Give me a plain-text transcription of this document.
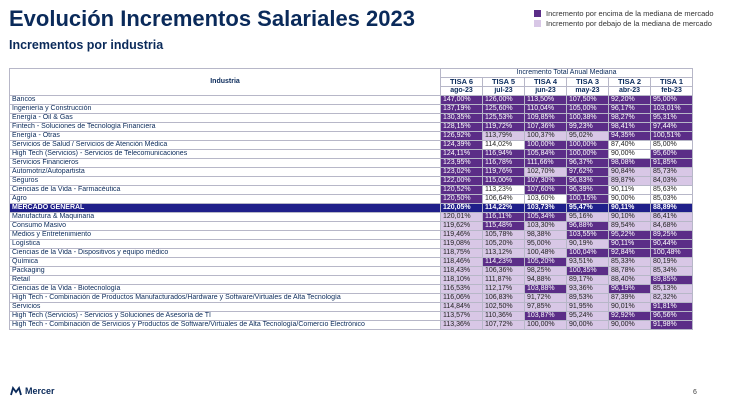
Evolución Incrementos Salariales 2023
Incrementos por industria
Incremento por encima de la mediana de mercado
Incremento por debajo de la mediana de mercado
Industria	Incremento Total Anual Mediana					
	TISA 6	TISA 5	TISA 4	TISA 3	TISA 2	TISA 1
	ago-23	jul-23	jun-23	may-23	abr-23	feb-23
Bancos	147,00%	126,00%	113,50%	107,50%	92,20%	95,00%
Ingeniería y Construcción	137,19%	125,60%	110,04%	105,00%	96,17%	103,01%
Energía - Oil & Gas	130,35%	125,53%	109,85%	100,38%	98,27%	95,31%
Fintech - Soluciones de Tecnología Financiera	128,15%	119,72%	107,36%	99,23%	98,41%	97,44%
Energía - Otras	126,92%	113,79%	100,37%	95,02%	94,35%	100,51%
Servicios de Salud / Servicios de Atención Médica	124,39%	114,02%	100,00%	100,00%	87,40%	85,00%
High Tech (Servicios) - Servicios de Telecomunicaciones	124,11%	116,94%	105,84%	100,00%	90,00%	95,60%
Servicios Financieros	123,95%	116,78%	111,66%	96,37%	98,08%	91,85%
Automotriz/Autopartista	123,02%	119,76%	102,70%	97,62%	90,84%	85,73%
Seguros	122,00%	115,00%	107,30%	96,83%	89,87%	84,03%
Ciencias de la Vida - Farmacéutica	120,52%	113,23%	107,60%	96,39%	90,11%	85,63%
Agro	120,50%	106,64%	103,60%	100,15%	90,00%	85,03%
MERCADO GENERAL	120,05%	114,22%	103,73%	95,47%	90,11%	88,89%
Manufactura & Maquinaria	120,01%	116,11%	105,34%	95,16%	90,10%	86,41%
Consumo Masivo	119,62%	115,48%	103,30%	96,88%	89,54%	84,68%
Medios y Entretenimiento	119,46%	105,78%	98,38%	103,55%	95,22%	89,25%
Logística	119,08%	105,20%	95,00%	90,19%	90,11%	90,44%
Ciencias de la Vida - Dispositivos y equipo médico	118,75%	113,12%	100,48%	100,04%	92,84%	100,48%
Química	118,46%	114,23%	105,20%	93,51%	85,33%	80,19%
Packaging	118,43%	106,36%	98,25%	100,35%	88,78%	85,34%
Retail	118,10%	111,87%	94,88%	89,17%	88,40%	89,85%
Ciencias de la Vida - Biotecnología	116,53%	112,17%	103,88%	93,36%	96,19%	85,13%
High Tech - Combinación de Productos Manufacturados/Hardware y Software/Virtuales de Alta Tecnología	116,06%	106,83%	91,72%	89,53%	87,39%	82,32%
Servicios	114,84%	102,50%	97,85%	91,95%	90,01%	91,81%
High Tech (Servicios) - Servicios y Soluciones de Asesoría de TI	113,57%	110,36%	103,87%	95,24%	92,92%	96,56%
High Tech - Combinación de Servicios y Productos de Software/Virtuales de Alta Tecnología/Comercio Electrónico	113,36%	107,72%	100,00%	90,00%	90,00%	91,98%
Mercer	6
